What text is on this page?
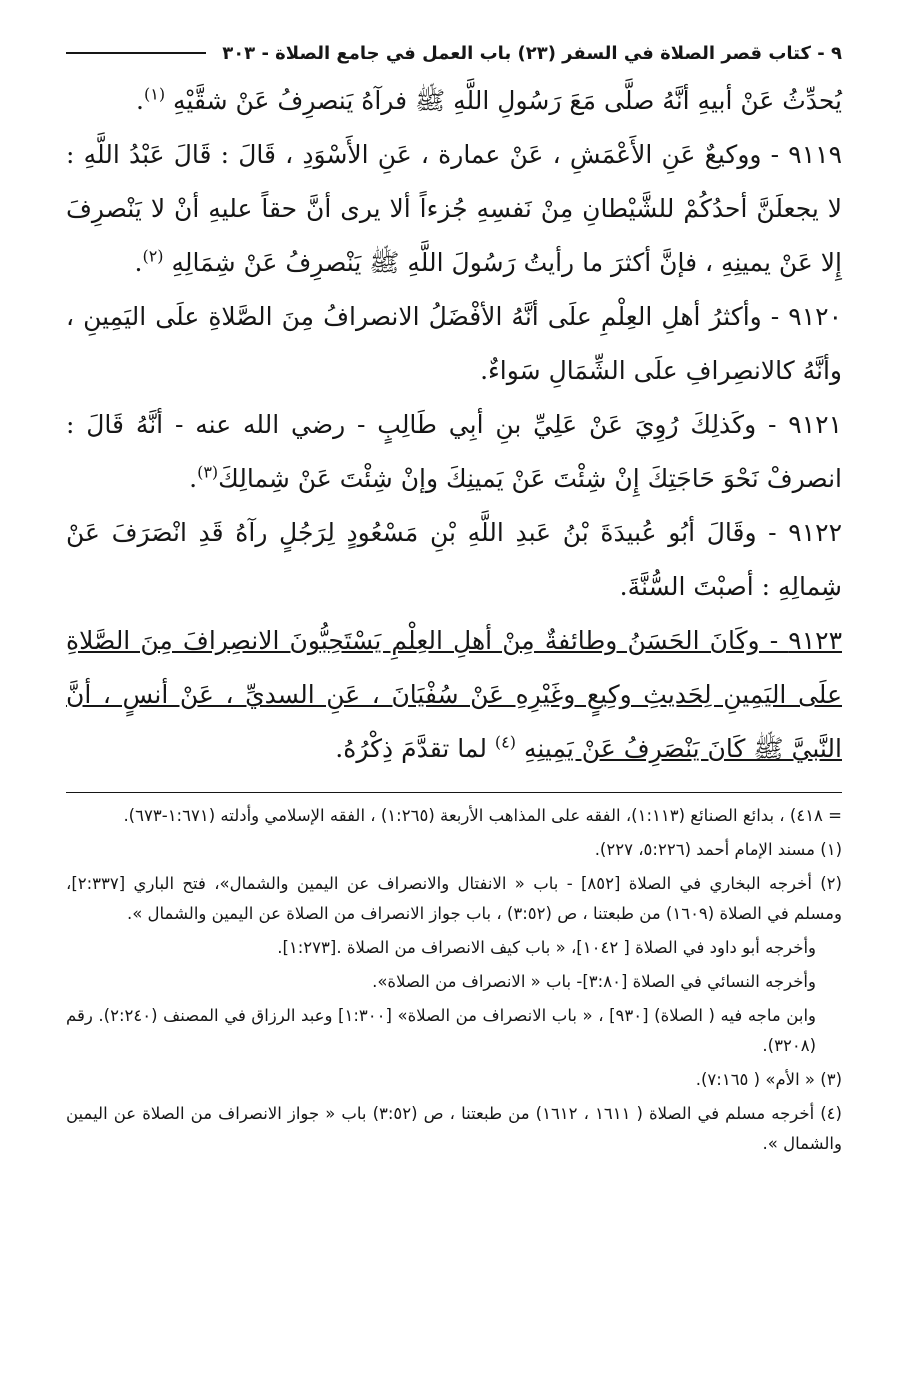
٩ - كتاب قصر الصلاة في السفر (٢٣) باب العمل في جامع الصلاة - ٣٠٣

يُحدِّثُ عَنْ أبيهِ أنَّهُ صلَّى مَعَ رَسُولِ اللَّهِ ﷺ فرآهُ يَنصرِفُ عَنْ شقَّيْهِ $^{(١)}$.

٩١١٩ - ووكيعٌ عَنِ الأَعْمَشِ ، عَنْ عمارة ، عَنِ الأَسْوَدِ ، قَالَ : قَالَ عَبْدُ اللَّهِ : لا يجعلَنَّ أحدُكُمْ للشَّيْطانِ مِنْ نَفسِهِ جُزءاً ألا يرى أنَّ حقاً عليهِ أنْ لا يَنْصرِفَ إِلا عَنْ يمينِهِ ، فإنَّ أكثرَ ما رأيتُ رَسُولَ اللَّهِ ﷺ يَنْصرِفُ عَنْ شِمَالِهِ $^{(٢)}$.

٩١٢٠ - وأكثرُ أهلِ العِلْمِ علَى أنَّهُ الأفْضَلُ الانصرافُ مِنَ الصَّلاةِ علَى اليَمِينِ ، وأنَّهُ كالانصِرافِ علَى الشِّمَالِ سَواءٌ.

٩١٢١ - وكَذلِكَ رُوِيَ عَنْ عَلِيِّ بنِ أبِي طَالِبٍ - رضي الله عنه - أنَّهُ قَالَ : انصرفْ نَحْوَ حَاجَتِكَ إِنْ شِئْتَ عَنْ يَمينِكَ وإنْ شِئْتَ عَنْ شِمالِكَ$^{(٣)}$.

٩١٢٢ - وقَالَ أبُو عُبيدَةَ بْنُ عَبدِ اللَّهِ بْنِ مَسْعُودٍ لِرَجُلٍ رآهُ قَدِ انْصَرَفَ عَنْ شِمالِهِ : أصبْتَ السُّنَّةَ.

٩١٢٣ - وكَانَ الحَسَنُ وطائفةٌ مِنْ أهلِ العِلْمِ يَسْتَحِبُّونَ الانصِرافَ مِنَ الصَّلاةِ علَى اليَمِينِ لِحَديثِ وكِيعٍ وغَيْرِهِ عَنْ سُفْيَانَ ، عَنِ السديِّ ، عَنْ أنسٍ ، أنَّ النَّبيَّ ﷺ كَانَ يَنْصَرِفُ عَنْ يَمِينِهِ $^{(٤)}$ لما تقدَّمَ ذِكْرُهُ.

= ٤١٨) ، بدائع الصنائع (١:١١٣)، الفقه على المذاهب الأربعة (١:٢٦٥) ، الفقه الإسلامي وأدلته (١:٦٧١-٦٧٣).

(١) مسند الإمام أحمد (٥:٢٢٦، ٢٢٧).

(٢) أخرجه البخاري في الصلاة [٨٥٢] - باب « الانفتال والانصراف عن اليمين والشمال»، فتح الباري [٢:٣٣٧]، ومسلم في الصلاة (١٦٠٩) من طبعتنا ، ص (٣:٥٢) ، باب جواز الانصراف من الصلاة عن اليمين والشمال ».

وأخرجه أبو داود في الصلاة [ ١٠٤٢]، « باب كيف الانصراف من الصلاة .[١:٢٧٣].

وأخرجه النسائي في الصلاة [٣:٨٠]- باب « الانصراف من الصلاة».

وابن ماجه فيه ( الصلاة) [٩٣٠] ، « باب الانصراف من الصلاة» [١:٣٠٠] وعبد الرزاق في المصنف (٢:٢٤٠). رقم (٣٢٠٨).

(٣) « الأم» ( ٧:١٦٥).

(٤) أخرجه مسلم في الصلاة ( ١٦١١ ، ١٦١٢) من طبعتنا ، ص (٣:٥٢) باب « جواز الانصراف من الصلاة عن اليمين والشمال ».
